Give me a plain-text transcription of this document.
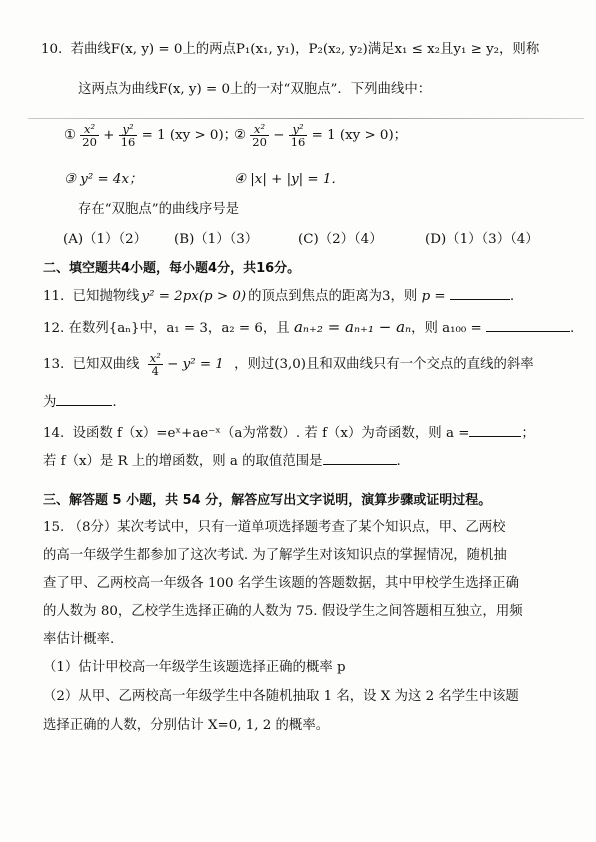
10. 若曲线F(x, y) = 0上的两点P₁(x₁, y₁)，P₂(x₂, y₂)满足x₁ ≤ x₂且y₁ ≥ y₂，则称
这两点为曲线F(x, y) = 0上的一对“双胞点”．下列曲线中：
① $\frac{\text{x²}}{20} + \frac{\text{y²}}{16} = 1$ (xy > 0)；
② $\frac{\text{x²}}{20} - \frac{\text{y²}}{16} = 1$ (xy > 0)；
③ y² = 4x；	④ |x| + |y| = 1．
存在“双胞点”的曲线序号是
(A)（1）（2） (B)（1）（3）	(C)（2）（4）	(D)（1）（3）（4）
二、填空题共4小题，每小题4分，共16分。
11. 已知抛物线 y² = 2px(p > 0) 的顶点到焦点的距离为3，则 p =	.
12. 在数列{aₙ}中，a₁ = 3，a₂ = 6，且 aₙ₊₂ = aₙ₊₁ − aₙ，则 a₁₀₀ =	.
13. 已知双曲线 $\frac{\text{x²}}{4} - y^2 = 1$ ，则过(3,0)且和双曲线只有一个交点的直线的斜率
为	.
14. 设函数 f（x）=eˣ+ae⁻ˣ（a为常数）. 若 f（x）为奇函数，则 a =	；
若 f（x）是 R 上的增函数，则 a 的取值范围是	.
三、解答题 5 小题，共 54 分，解答应写出文字说明，演算步骤或证明过程。
15. （8分）某次考试中，只有一道单项选择题考查了某个知识点，甲、乙两校
的高一年级学生都参加了这次考试. 为了解学生对该知识点的掌握情况，随机抽
查了甲、乙两校高一年级各 100 名学生该题的答题数据，其中甲校学生选择正确
的人数为 80，乙校学生选择正确的人数为 75. 假设学生之间答题相互独立，用频
率估计概率.
（1）估计甲校高一年级学生该题选择正确的概率 p
（2）从甲、乙两校高一年级学生中各随机抽取 1 名，设 X 为这 2 名学生中该题
选择正确的人数，分别估计 X=0, 1, 2 的概率。
